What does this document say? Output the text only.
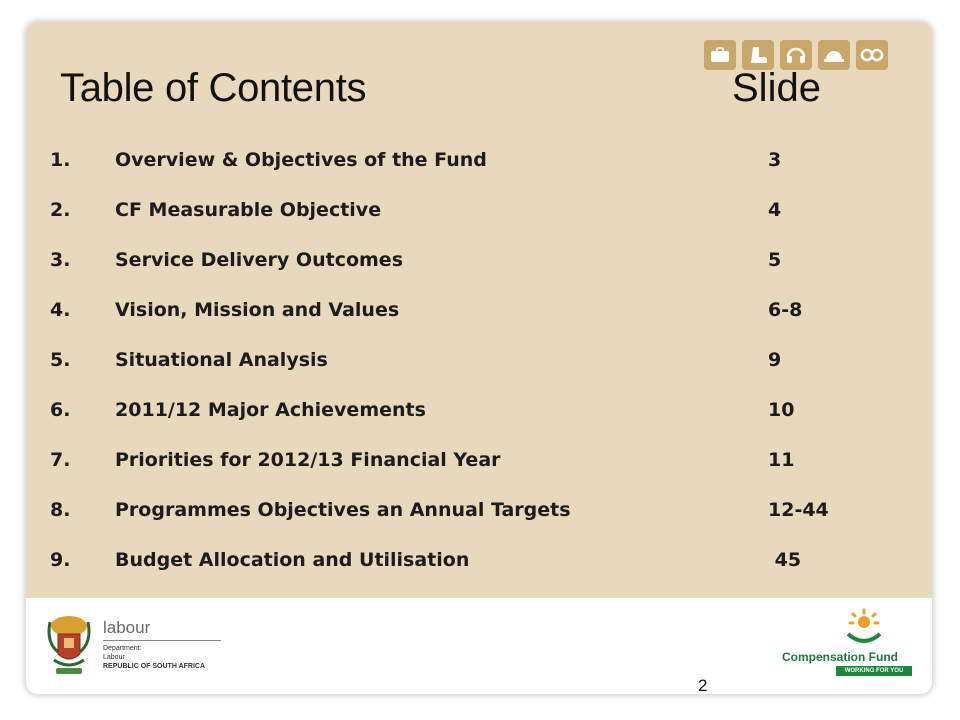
Table of Contents	Slide
1. Overview & Objectives of the Fund	3
2. CF Measurable Objective	4
3. Service Delivery Outcomes	5
4. Vision, Mission and Values	6-8
5. Situational Analysis	9
6. 2011/12 Major Achievements	10
7. Priorities for 2012/13 Financial Year	11
8. Programmes Objectives an Annual Targets	12-44
9. Budget Allocation and Utilisation	45
labour
Department:
Labour
REPUBLIC OF SOUTH AFRICA
2
Compensation Fund
WORKING FOR YOU
